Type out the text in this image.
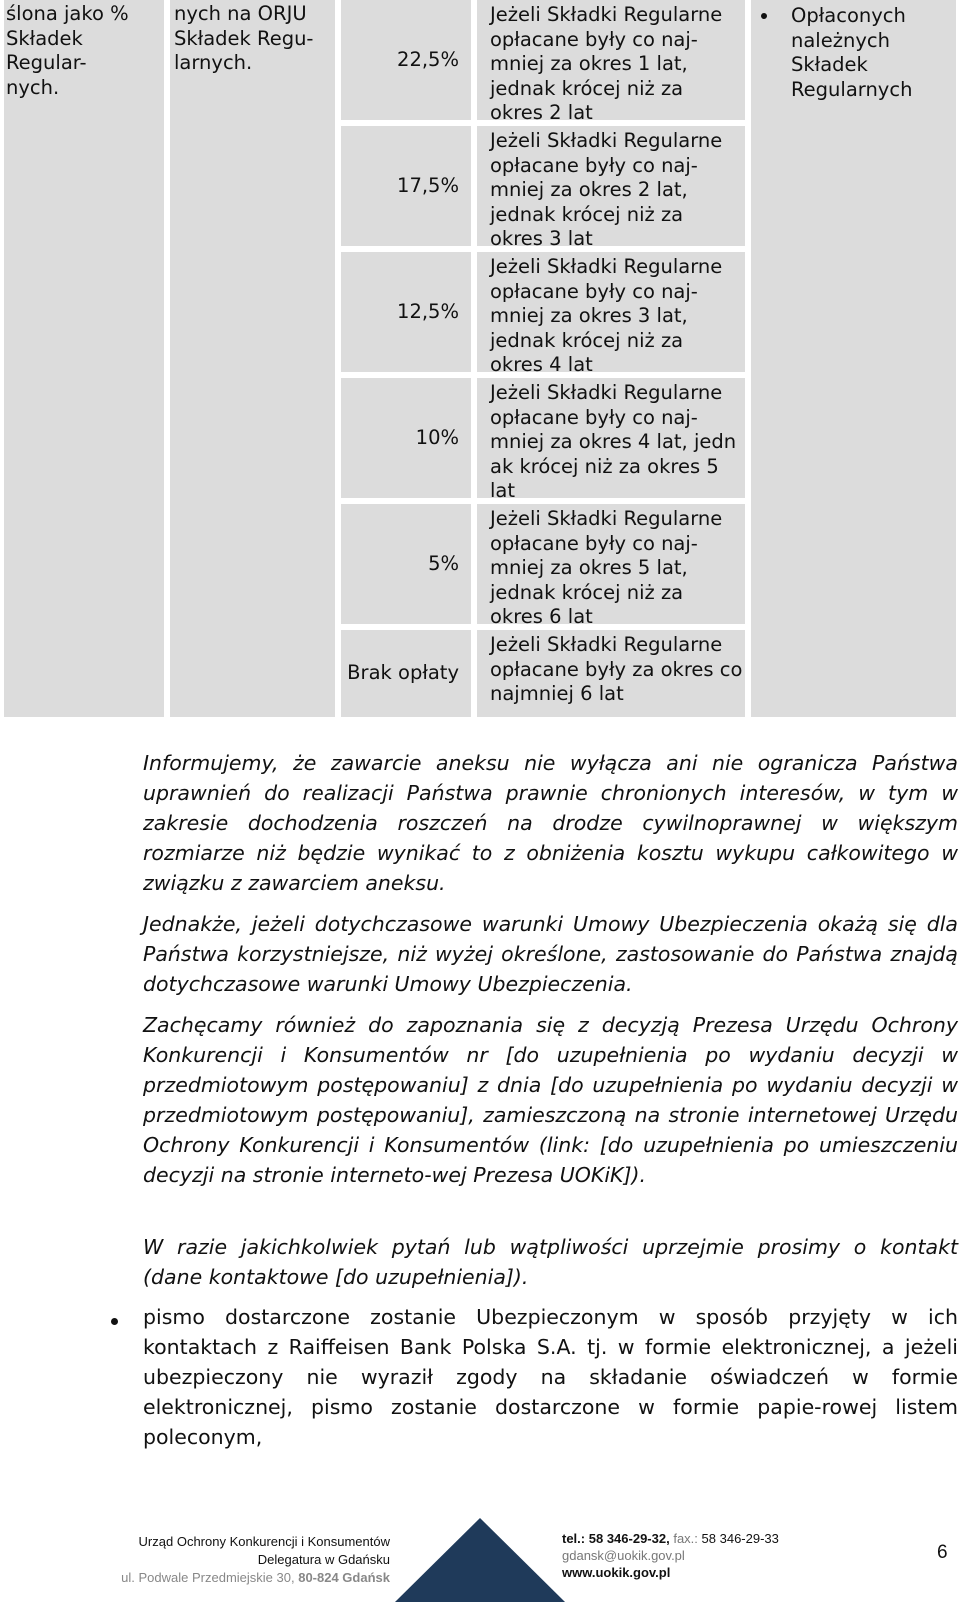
ślona jako %
Składek Regular-
nych.
nych na ORJU
Składek Regu-
larnych.	22,5%
Jeżeli Składki Regularne
opłacane były co naj-
mniej za okres 1 lat,
jednak krócej niż za
okres 2 lat
17,5%
Jeżeli Składki Regularne
opłacane były co naj-
mniej za okres 2 lat,
jednak krócej niż za
okres 3 lat
12,5%
Jeżeli Składki Regularne
opłacane były co naj-
mniej za okres 3 lat,
jednak krócej niż za
okres 4 lat
10%
Jeżeli Składki Regularne
opłacane były co naj-
mniej za okres 4 lat, jedn
ak krócej niż za okres 5
lat
5%
Jeżeli Składki Regularne
opłacane były co naj-
mniej za okres 5 lat,
jednak krócej niż za
okres 6 lat
Brak opłaty
Jeżeli Składki Regularne
opłacane były za okres co
najmniej 6 lat
Opłaconych
należnych
Składek
Regularnych
Informujemy, że zawarcie aneksu nie wyłącza ani nie ogranicza Państwa uprawnień do realizacji Państwa prawnie chronionych interesów, w tym w zakresie dochodzenia roszczeń na drodze cywilnoprawnej w większym rozmiarze niż będzie wynikać to z obniżenia kosztu wykupu całkowitego w związku z zawarciem aneksu.
Jednakże, jeżeli dotychczasowe warunki Umowy Ubezpieczenia okażą się dla Państwa korzystniejsze, niż wyżej określone, zastosowanie do Państwa znajdą dotychczasowe warunki Umowy Ubezpieczenia.
Zachęcamy również do zapoznania się z decyzją Prezesa Urzędu Ochrony Konkurencji i Konsumentów nr [do uzupełnienia po wydaniu decyzji w przedmiotowym postępowaniu] z dnia [do uzupełnienia po wydaniu decyzji w przedmiotowym postępowaniu], zamieszczoną na stronie internetowej Urzędu Ochrony Konkurencji i Konsumentów (link: [do uzupełnienia po umieszczeniu decyzji na stronie interneto-wej Prezesa UOKiK]).
W razie jakichkolwiek pytań lub wątpliwości uprzejmie prosimy o kontakt (dane kontaktowe [do uzupełnienia]).
pismo dostarczone zostanie Ubezpieczonym w sposób przyjęty w ich kontaktach z Raiffeisen Bank Polska S.A. tj. w formie elektronicznej, a jeżeli ubezpieczony nie wyraził zgody na składanie oświadczeń w formie elektronicznej, pismo zostanie dostarczone w formie papie-rowej listem poleconym,
Urząd Ochrony Konkurencji i Konsumentów
Delegatura w Gdańsku
ul. Podwale Przedmiejskie 30, 80-824 Gdańsk
tel.: 58 346-29-32, fax.: 58 346-29-33
gdansk@uokik.gov.pl
www.uokik.gov.pl
6
